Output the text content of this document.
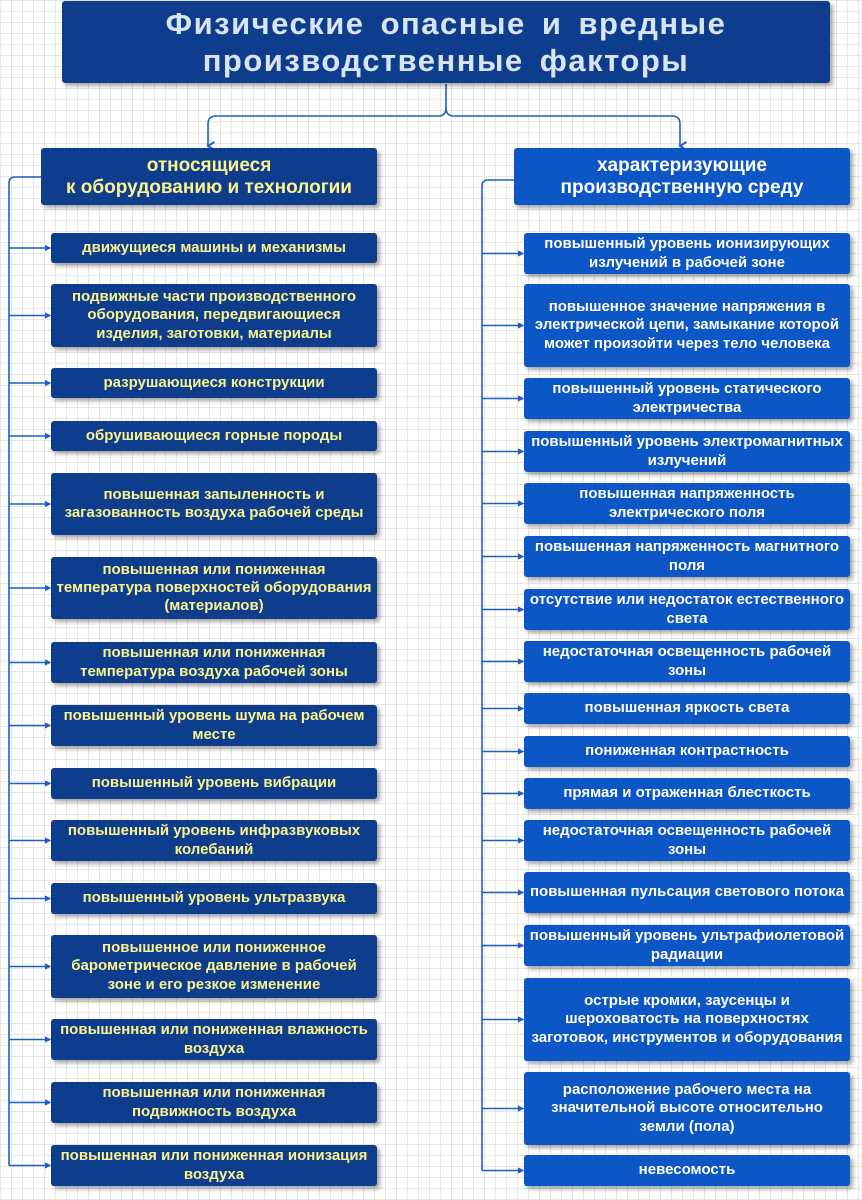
Физические опасные и вредные производственные факторы
относящиеся
к оборудованию и технологии
характеризующие
производственную среду
движущиеся машины и механизмы
подвижные части производственного оборудования, передвигающиеся изделия, заготовки, материалы
разрушающиеся конструкции
обрушивающиеся горные породы
повышенная запыленность и загазованность воздуха рабочей среды
повышенная или пониженная температура поверхностей оборудования (материалов)
повышенная или пониженная температура воздуха рабочей зоны
повышенный уровень шума на рабочем месте
повышенный уровень вибрации
повышенный уровень инфразвуковых колебаний
повышенный уровень ультразвука
повышенное или пониженное барометрическое давление в рабочей зоне и его резкое изменение
повышенная или пониженная влажность воздуха
повышенная или пониженная подвижность воздуха
повышенная или пониженная ионизация воздуха
повышенный уровень ионизирующих излучений в рабочей зоне
повышенное значение напряжения в электрической цепи, замыкание которой может произойти через тело человека
повышенный уровень статического электричества
повышенный уровень электромагнитных излучений
повышенная напряженность электрического поля
повышенная напряженность магнитного поля
отсутствие или недостаток естественного света
недостаточная освещенность рабочей зоны
повышенная яркость света
пониженная контрастность
прямая и отраженная блесткость
недостаточная освещенность рабочей зоны
повышенная пульсация светового потока
повышенный уровень ультрафиолетовой радиации
острые кромки, заусенцы и шероховатость на поверхностях заготовок, инструментов и оборудования
расположение рабочего места на значительной высоте относительно земли (пола)
невесомость
